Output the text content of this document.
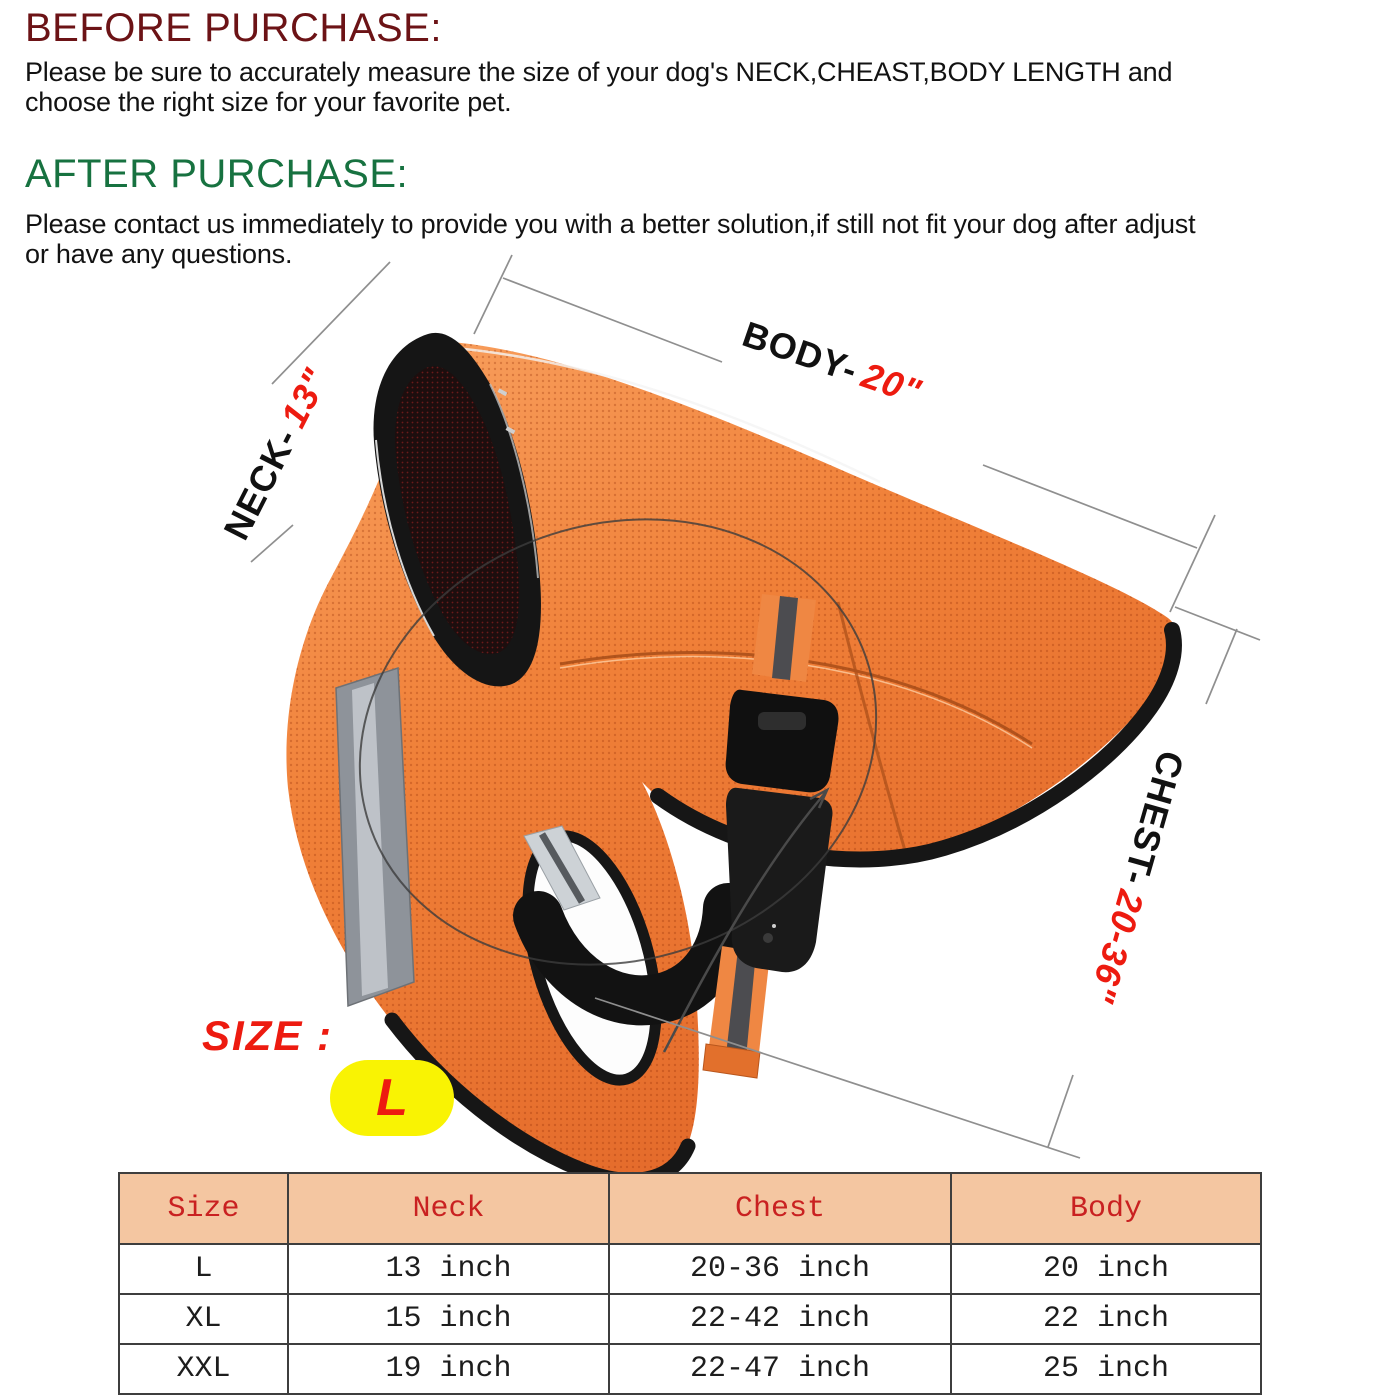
BEFORE PURCHASE:
Please be sure to accurately measure the size of your dog's NECK,CHEAST,BODY LENGTH and
choose the right size for your favorite pet.
AFTER PURCHASE:
Please contact us immediately to provide you with a better solution,if still not fit your dog after adjust
or have any questions.
NECK-13"
BODY-20"
CHEST-20-36"
SIZE :
L
Size	Neck	Chest	Body
L	13 inch	20-36 inch	20 inch
XL	15 inch	22-42 inch	22 inch
XXL	19 inch	22-47 inch	25 inch
